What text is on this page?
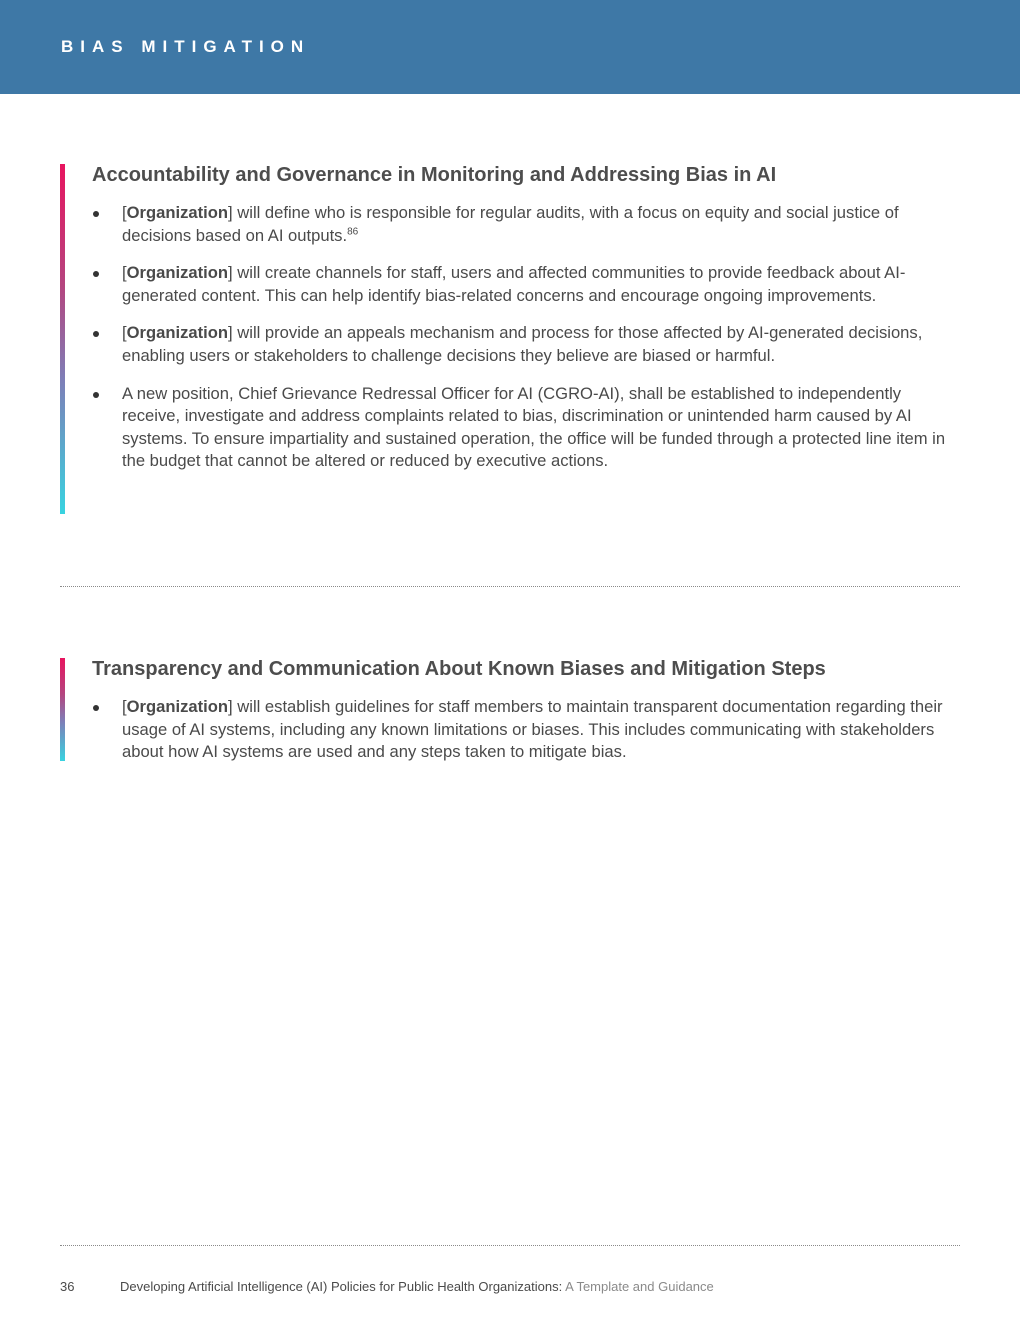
BIAS MITIGATION
Accountability and Governance in Monitoring and Addressing Bias in AI
[Organization] will define who is responsible for regular audits, with a focus on equity and social justice of decisions based on AI outputs.$^{86}$
[Organization] will create channels for staff, users and affected communities to provide feedback about AI-generated content. This can help identify bias-related concerns and encourage ongoing improvements.
[Organization] will provide an appeals mechanism and process for those affected by AI-generated decisions, enabling users or stakeholders to challenge decisions they believe are biased or harmful.
A new position, Chief Grievance Redressal Officer for AI (CGRO-AI), shall be established to independently receive, investigate and address complaints related to bias, discrimination or unintended harm caused by AI systems. To ensure impartiality and sustained operation, the office will be funded through a protected line item in the budget that cannot be altered or reduced by executive actions.
Transparency and Communication About Known Biases and Mitigation Steps
[Organization] will establish guidelines for staff members to maintain transparent documentation regarding their usage of AI systems, including any known limitations or biases. This includes communicating with stakeholders about how AI systems are used and any steps taken to mitigate bias.
36	Developing Artificial Intelligence (AI) Policies for Public Health Organizations: A Template and Guidance
